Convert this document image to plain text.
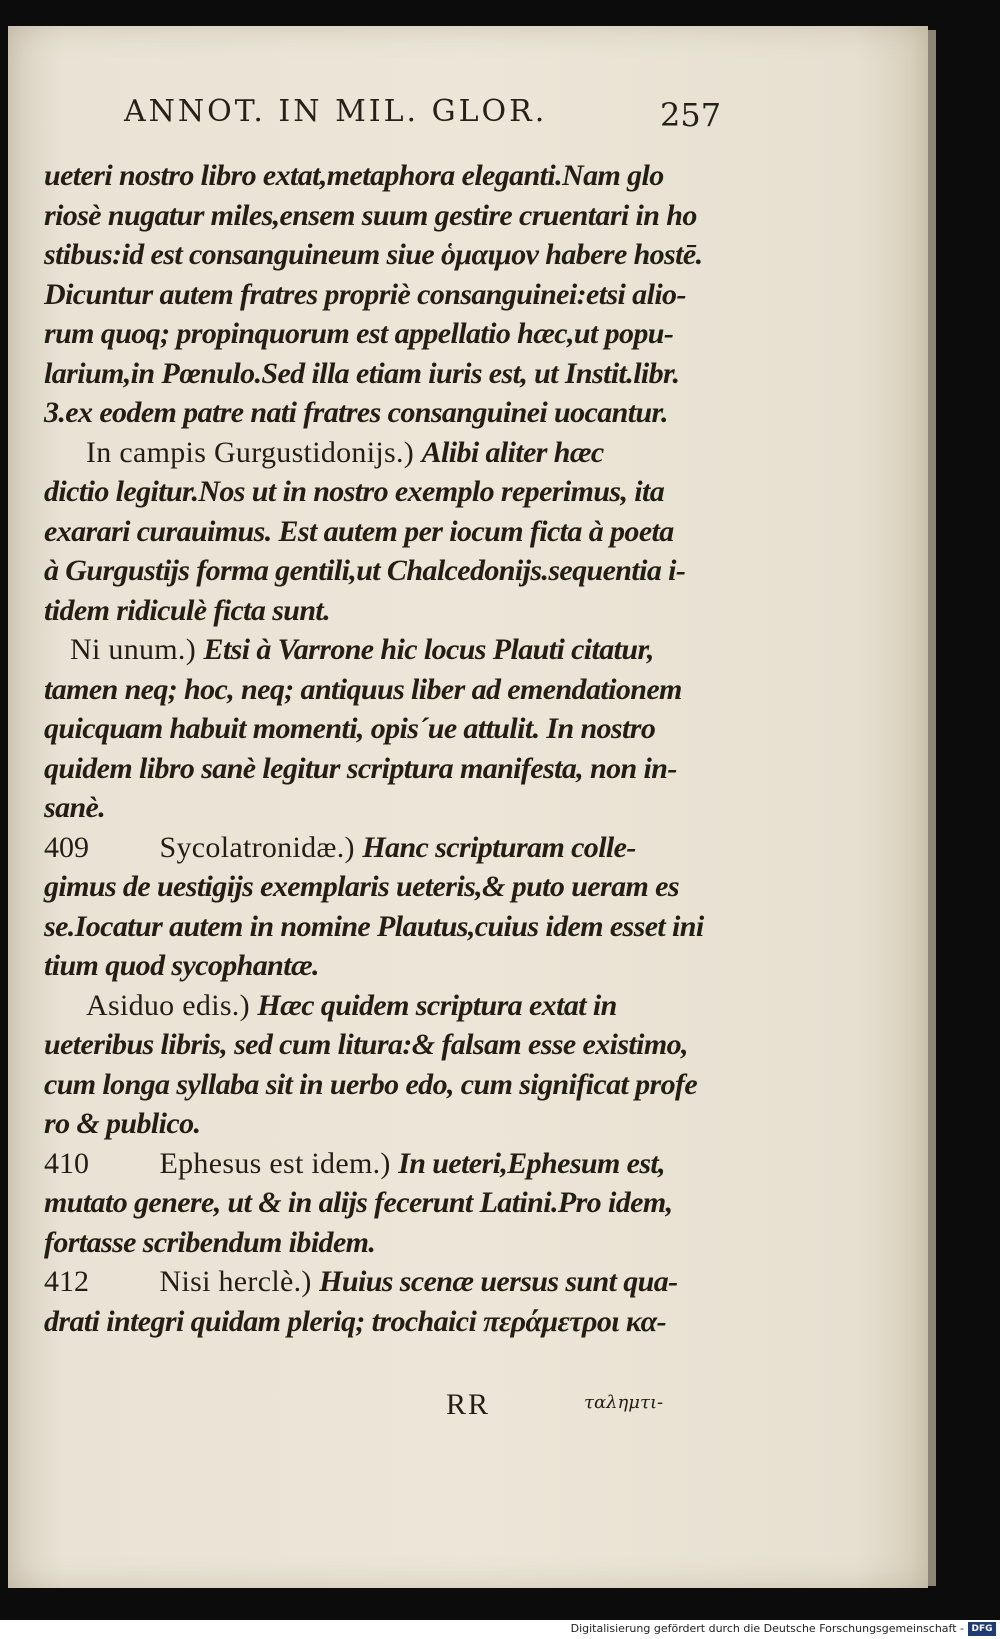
ANNOT. IN MIL. GLOR.	257
ueteri nostro libro extat,metaphora eleganti.Nam glo
riosè nugatur miles,ensem suum gestire cruentari in ho
stibus:id est consanguineum siue ὁμαιμον habere hostē.
Dicuntur autem fratres propriè consanguinei:etsi alio-
rum quoq; propinquorum est appellatio hæc,ut popu-
larium,in Pœnulo.Sed illa etiam iuris est, ut Instit.libr.
3.ex eodem patre nati fratres consanguinei uocantur.
In campis Gurgustidonijs.) Alibi aliter hæc
dictio legitur.Nos ut in nostro exemplo reperimus, ita
exarari curauimus. Est autem per iocum ficta à poeta
à Gurgustijs forma gentili,ut Chalcedonijs.sequentia i-
tidem ridiculè ficta sunt.
Ni unum.) Etsi à Varrone hic locus Plauti citatur,
tamen neq; hoc, neq; antiquus liber ad emendationem
quicquam habuit momenti, opis´ue attulit. In nostro
quidem libro sanè legitur scriptura manifesta, non in-
sanè.
409 Sycolatronidæ.) Hanc scripturam colle-
gimus de uestigijs exemplaris ueteris,& puto ueram es
se.Iocatur autem in nomine Plautus,cuius idem esset ini
tium quod sycophantæ.
Asiduo edis.) Hæc quidem scriptura extat in
ueteribus libris, sed cum litura:& falsam esse existimo,
cum longa syllaba sit in uerbo edo, cum significat profe
ro & publico.
410 Ephesus est idem.) In ueteri,Ephesum est,
mutato genere, ut & in alijs fecerunt Latini.Pro idem,
fortasse scribendum ibidem.
412 Nisi herclè.) Huius scenæ uersus sunt qua-
drati integri quidam pleriq; trochaici περάμετροι κα-
RR	ταλημτι-
Digitalisierung gefördert durch die Deutsche Forschungsgemeinschaft - DFG
